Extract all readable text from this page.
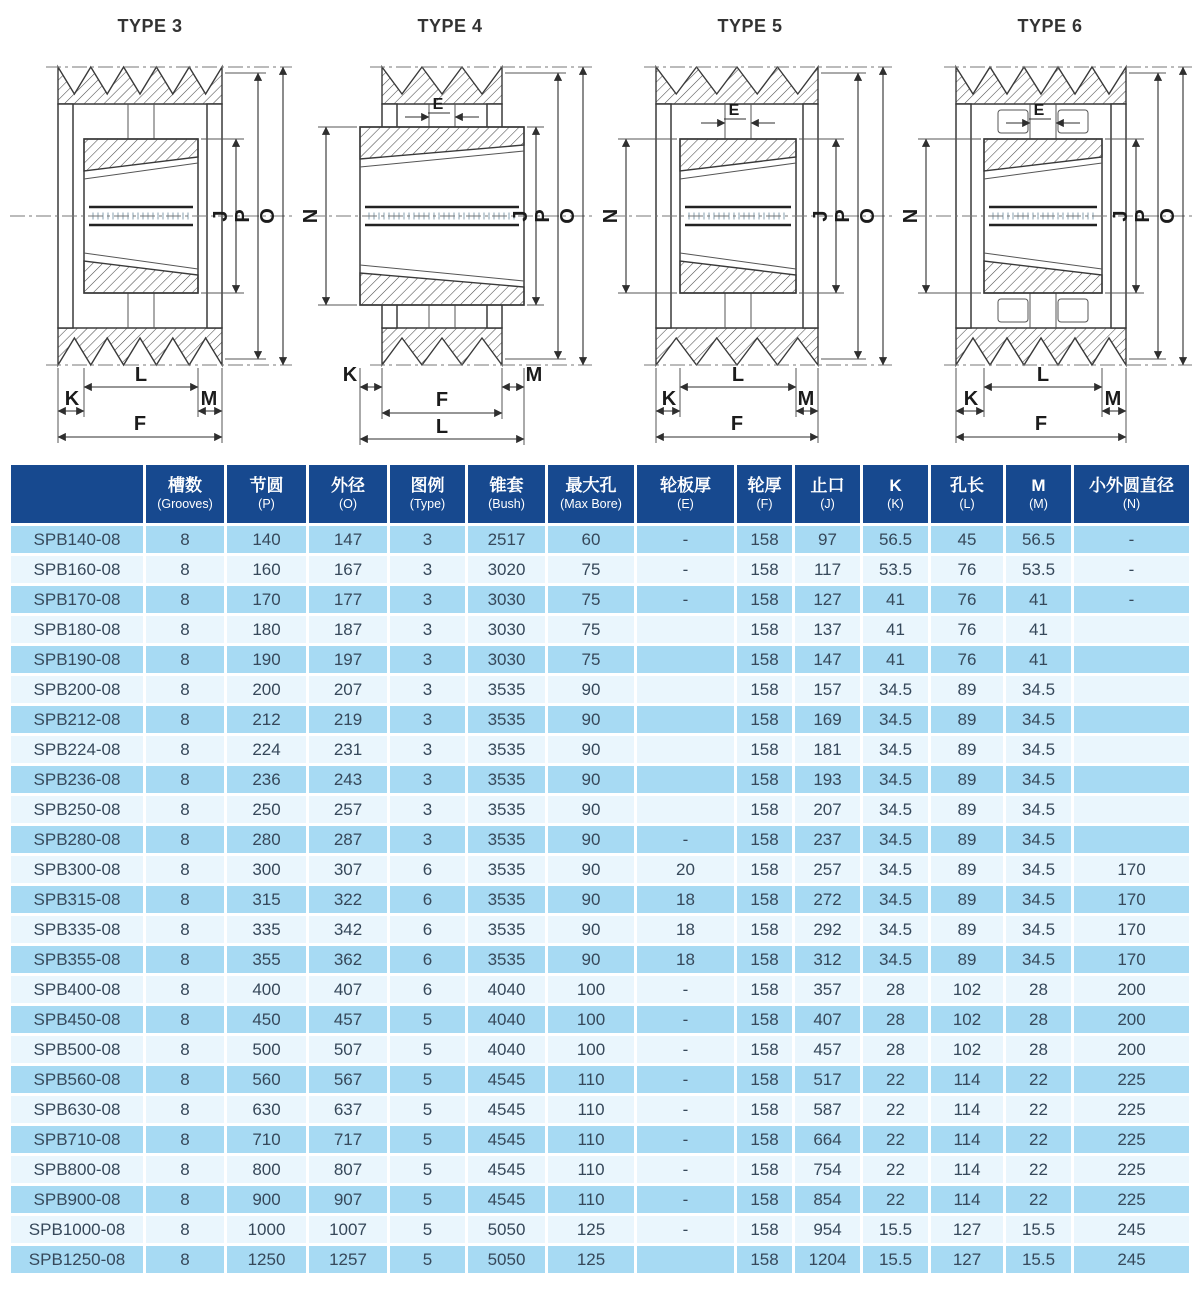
TYPE 3
J P O
L
K	M
F
TYPE 4
J P O
N
E
K	M
F
L
TYPE 5
J P O
N
E
L
K	M
F
TYPE 6
J P O
N
E
L
K	M
F

槽数
(Grooves)

节圆
(P)

外径
(O)

图例
(Type)

锥套
(Bush)

最大孔
(Max Bore)

轮板厚
(E)

轮厚
(F)

止口
(J)

K
(K)

孔长
(L)

M
(M)

小外圆直径
(N)

SPB140-08	8	140	147	3	2517	60	-	158	97	56.5	45	56.5	-
SPB160-08	8	160	167	3	3020	75	-	158	117	53.5	76	53.5	-
SPB170-08	8	170	177	3	3030	75	-	158	127	41	76	41	-
SPB180-08	8	180	187	3	3030	75		158	137	41	76	41	
SPB190-08	8	190	197	3	3030	75		158	147	41	76	41	
SPB200-08	8	200	207	3	3535	90		158	157	34.5	89	34.5	
SPB212-08	8	212	219	3	3535	90		158	169	34.5	89	34.5	
SPB224-08	8	224	231	3	3535	90		158	181	34.5	89	34.5	
SPB236-08	8	236	243	3	3535	90		158	193	34.5	89	34.5	
SPB250-08	8	250	257	3	3535	90		158	207	34.5	89	34.5	
SPB280-08	8	280	287	3	3535	90	-	158	237	34.5	89	34.5	
SPB300-08	8	300	307	6	3535	90	20	158	257	34.5	89	34.5	170
SPB315-08	8	315	322	6	3535	90	18	158	272	34.5	89	34.5	170
SPB335-08	8	335	342	6	3535	90	18	158	292	34.5	89	34.5	170
SPB355-08	8	355	362	6	3535	90	18	158	312	34.5	89	34.5	170
SPB400-08	8	400	407	6	4040	100	-	158	357	28	102	28	200
SPB450-08	8	450	457	5	4040	100	-	158	407	28	102	28	200
SPB500-08	8	500	507	5	4040	100	-	158	457	28	102	28	200
SPB560-08	8	560	567	5	4545	110	-	158	517	22	114	22	225
SPB630-08	8	630	637	5	4545	110	-	158	587	22	114	22	225
SPB710-08	8	710	717	5	4545	110	-	158	664	22	114	22	225
SPB800-08	8	800	807	5	4545	110	-	158	754	22	114	22	225
SPB900-08	8	900	907	5	4545	110	-	158	854	22	114	22	225
SPB1000-08	8	1000	1007	5	5050	125	-	158	954	15.5	127	15.5	245
SPB1250-08	8	1250	1257	5	5050	125		158	1204	15.5	127	15.5	245
